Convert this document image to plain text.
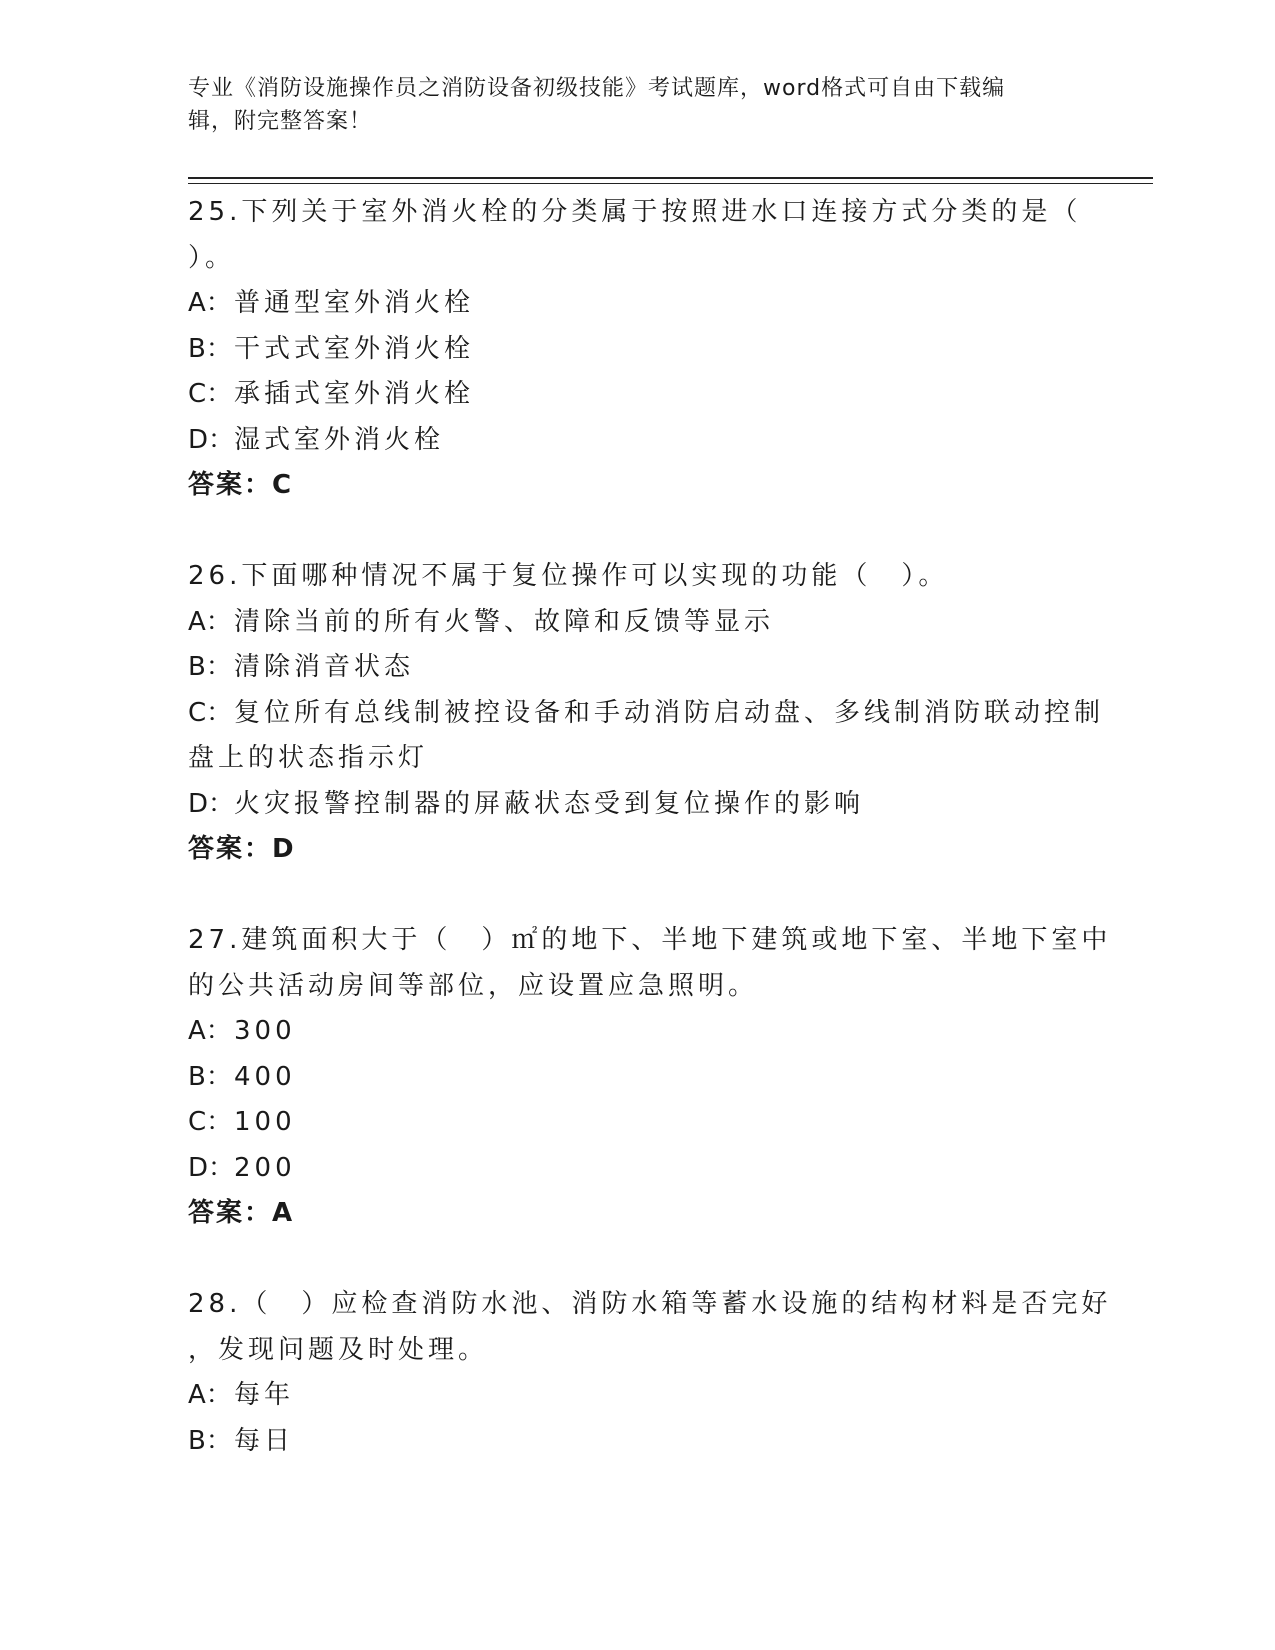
专业《消防设施操作员之消防设备初级技能》考试题库，word格式可自由下载编
辑，附完整答案！
25.下列关于室外消火栓的分类属于按照进水口连接方式分类的是（
）。
A：普通型室外消火栓
B：干式式室外消火栓
C：承插式室外消火栓
D：湿式室外消火栓
答案：C
26.下面哪种情况不属于复位操作可以实现的功能（　）。
A：清除当前的所有火警、故障和反馈等显示
B：清除消音状态
C：复位所有总线制被控设备和手动消防启动盘、多线制消防联动控制
盘上的状态指示灯
D：火灾报警控制器的屏蔽状态受到复位操作的影响
答案：D
27.建筑面积大于（　）㎡的地下、半地下建筑或地下室、半地下室中
的公共活动房间等部位，应设置应急照明。
A：300
B：400
C：100
D：200
答案：A
28.（　）应检查消防水池、消防水箱等蓄水设施的结构材料是否完好
，发现问题及时处理。
A：每年
B：每日
